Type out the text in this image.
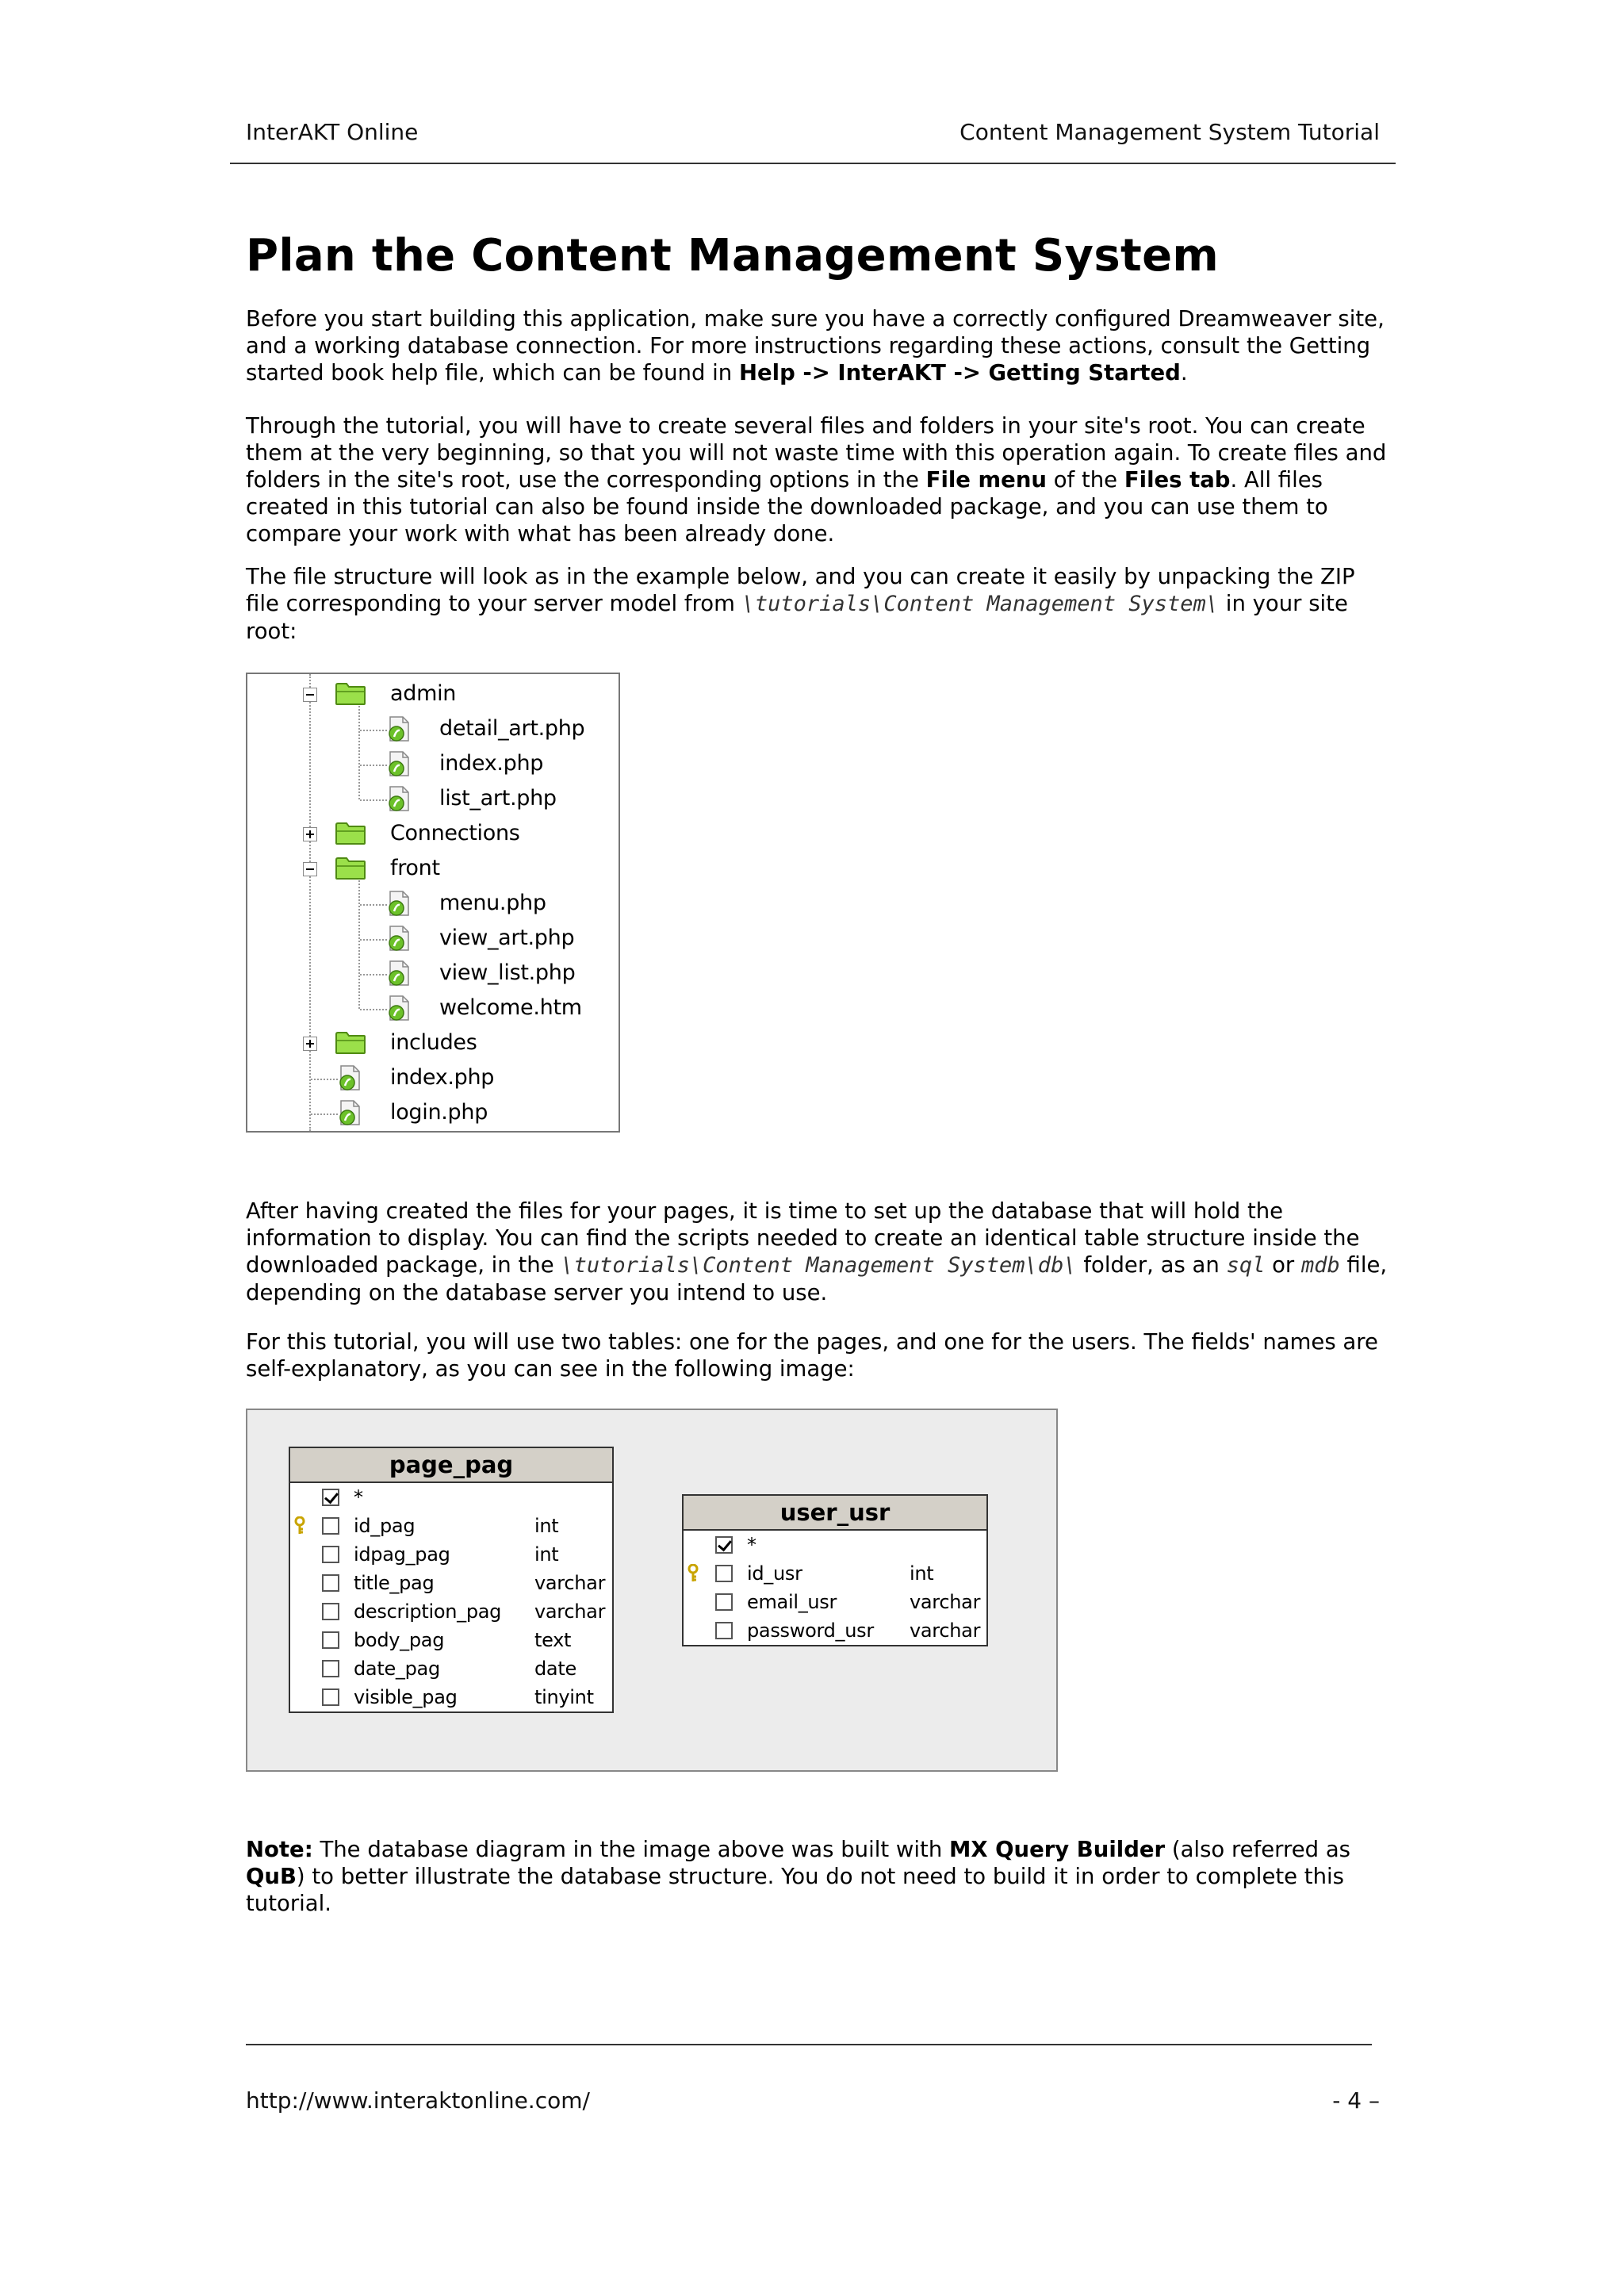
InterAKT Online	Content Management System Tutorial
Plan the Content Management System

Before you start building this application, make sure you have a correctly configured Dreamweaver site, and a working database connection. For more instructions regarding these actions, consult the Getting started book help file, which can be found in Help -> InterAKT -> Getting Started.

Through the tutorial, you will have to create several files and folders in your site's root. You can create them at the very beginning, so that you will not waste time with this operation again. To create files and folders in the site's root, use the corresponding options in the File menu of the Files tab. All files created in this tutorial can also be found inside the downloaded package, and you can use them to compare your work with what has been already done.

The file structure will look as in the example below, and you can create it easily by unpacking the ZIP file corresponding to your server model from \tutorials\Content Management System\ in your site root:

admin
detail_art.php
index.php
list_art.php
Connections
front
menu.php
view_art.php
view_list.php
welcome.htm
includes
index.php
login.php

After having created the files for your pages, it is time to set up the database that will hold the information to display. You can find the scripts needed to create an identical table structure inside the downloaded package, in the \tutorials\Content Management System\db\ folder, as an sql or mdb file, depending on the database server you intend to use.

For this tutorial, you will use two tables: one for the pages, and one for the users. The fields' names are self-explanatory, as you can see in the following image:

page_pag
*
id_pag	int
idpag_pag	int
title_pag	varchar
description_pag varchar
body_pag	text
date_pag	date
visible_pag	tinyint
user_usr
*
id_usr	int
email_usr	varchar
password_usr varchar

Note: The database diagram in the image above was built with MX Query Builder (also referred as QuB) to better illustrate the database structure. You do not need to build it in order to complete this tutorial.

http://www.interaktonline.com/	- 4 –
